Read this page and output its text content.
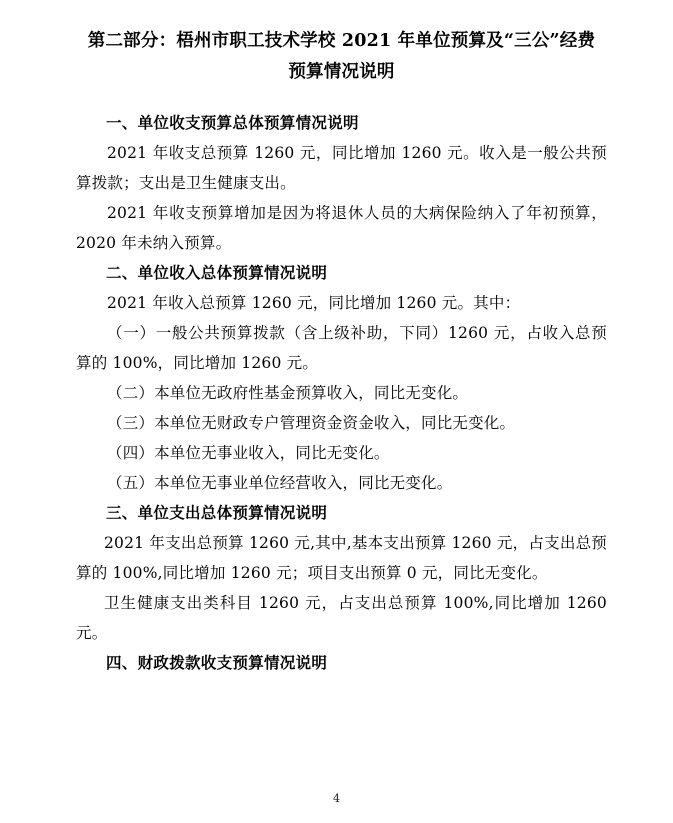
第二部分：梧州市职工技术学校 2021 年单位预算及“三公”经费预算情况说明
一、单位收支预算总体预算情况说明

2021 年收支总预算 1260 元，同比增加 1260 元。收入是一般公共预算拨款；支出是卫生健康支出。

2021 年收支预算增加是因为将退休人员的大病保险纳入了年初预算，2020 年未纳入预算。

二、单位收入总体预算情况说明

2021 年收入总预算 1260 元，同比增加 1260 元。其中：

（一）一般公共预算拨款（含上级补助，下同）1260 元，占收入总预算的 100%，同比增加 1260 元。

（二）本单位无政府性基金预算收入，同比无变化。

（三）本单位无财政专户管理资金资金收入，同比无变化。

（四）本单位无事业收入，同比无变化。

（五）本单位无事业单位经营收入，同比无变化。

三、单位支出总体预算情况说明

2021 年支出总预算 1260 元,其中,基本支出预算 1260 元，占支出总预算的 100%,同比增加 1260 元；项目支出预算 0 元，同比无变化。

卫生健康支出类科目 1260 元，占支出总预算 100%,同比增加 1260 元。

四、财政拨款收支预算情况说明
4
